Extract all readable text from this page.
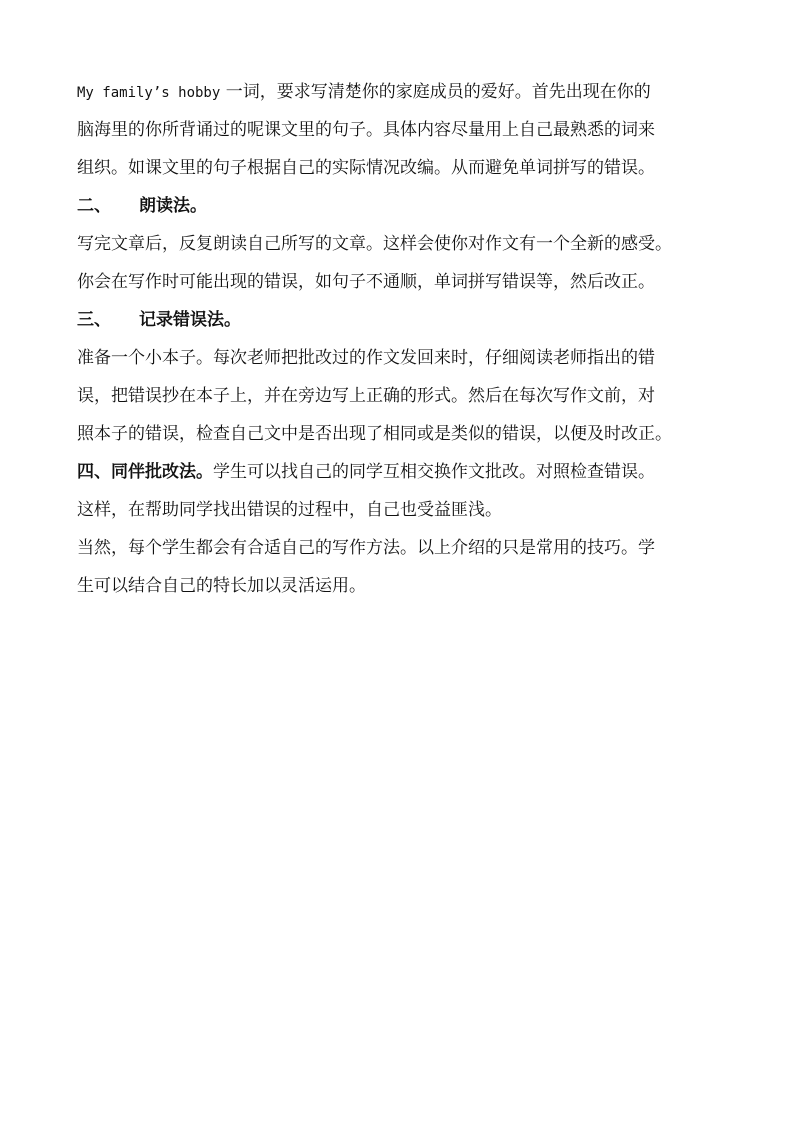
My family’s hobby 一词，要求写清楚你的家庭成员的爱好。首先出现在你的
脑海里的你所背诵过的呢课文里的句子。具体内容尽量用上自己最熟悉的词来
组织。如课文里的句子根据自己的实际情况改编。从而避免单词拼写的错误。
二、 朗读法。
写完文章后，反复朗读自己所写的文章。这样会使你对作文有一个全新的感受。
你会在写作时可能出现的错误，如句子不通顺，单词拼写错误等，然后改正。
三、 记录错误法。
准备一个小本子。每次老师把批改过的作文发回来时，仔细阅读老师指出的错
误，把错误抄在本子上，并在旁边写上正确的形式。然后在每次写作文前，对
照本子的错误，检查自己文中是否出现了相同或是类似的错误，以便及时改正。
四、同伴批改法。学生可以找自己的同学互相交换作文批改。对照检查错误。
这样，在帮助同学找出错误的过程中，自己也受益匪浅。
当然，每个学生都会有合适自己的写作方法。以上介绍的只是常用的技巧。学
生可以结合自己的特长加以灵活运用。
